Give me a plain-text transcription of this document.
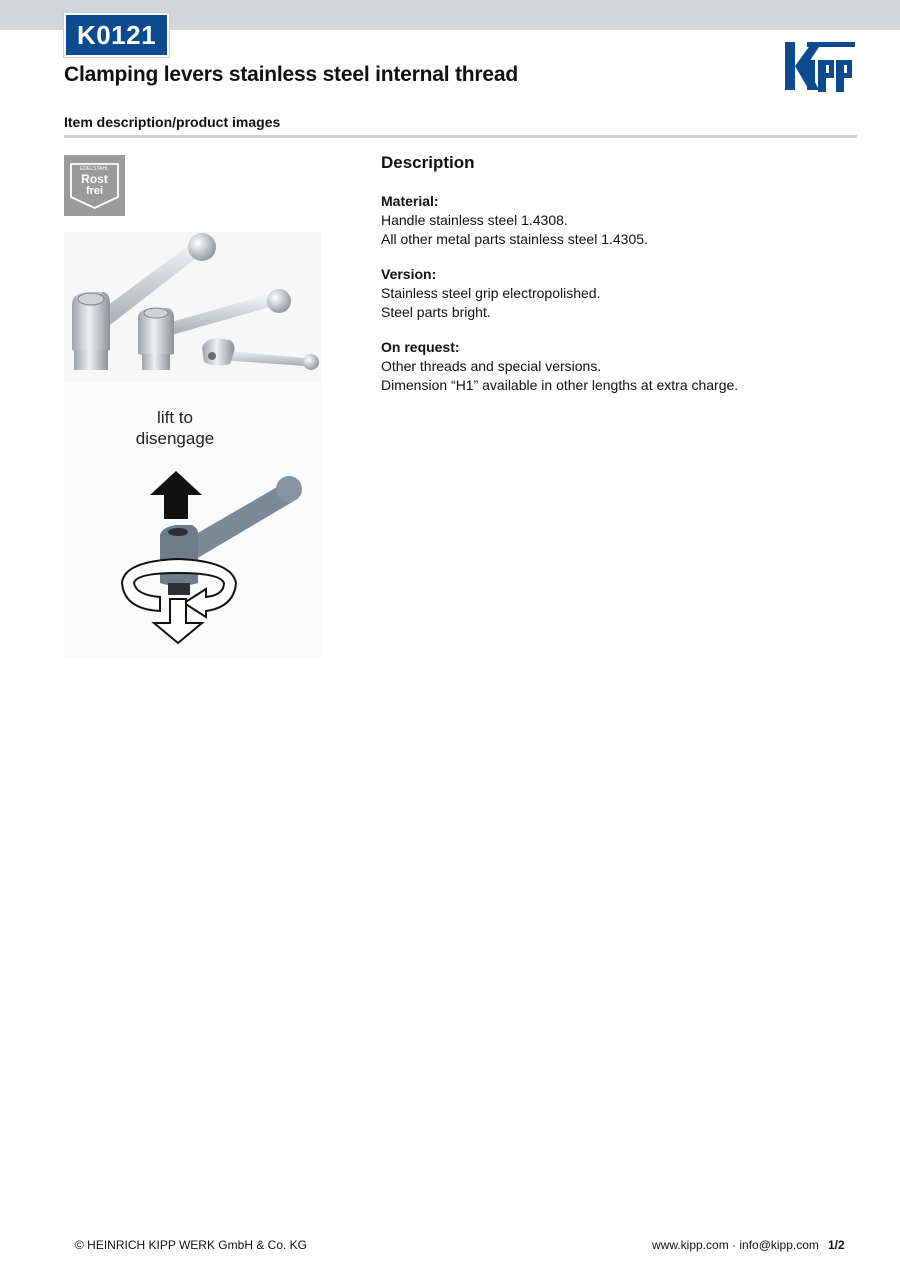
K0121
Clamping levers stainless steel internal thread
Item description/product images
EDELSTAHL
Rost
frei
lift to
disengage
Description
Material:
Handle stainless steel 1.4308.
All other metal parts stainless steel 1.4305.
Version:
Stainless steel grip electropolished.
Steel parts bright.
On request:
Other threads and special versions.
Dimension “H1” available in other lengths at extra charge.
© HEINRICH KIPP WERK GmbH & Co. KG	www.kipp.com · info@kipp.com 1/2
